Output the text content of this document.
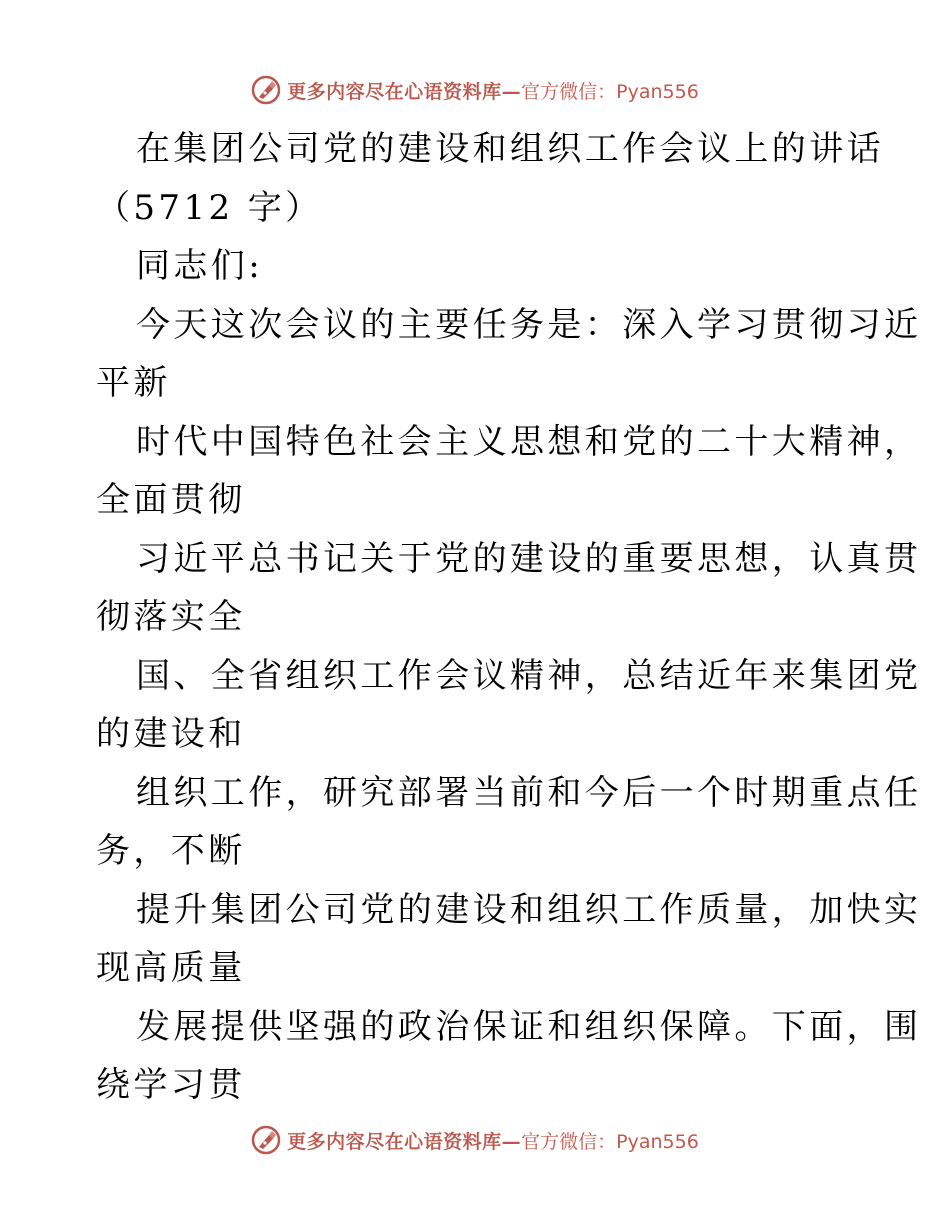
更多内容尽在心语资料库— 官方微信：Pyan556
在集团公司党的建设和组织工作会议上的讲话
（5712 字）
同志们:
今天这次会议的主要任务是：深入学习贯彻习近
平新
时代中国特色社会主义思想和党的二十大精神，
全面贯彻
习近平总书记关于党的建设的重要思想，认真贯
彻落实全
国、全省组织工作会议精神，总结近年来集团党
的建设和
组织工作，研究部署当前和今后一个时期重点任
务，不断
提升集团公司党的建设和组织工作质量，加快实
现高质量
发展提供坚强的政治保证和组织保障。下面，围
绕学习贯
更多内容尽在心语资料库— 官方微信：Pyan556
